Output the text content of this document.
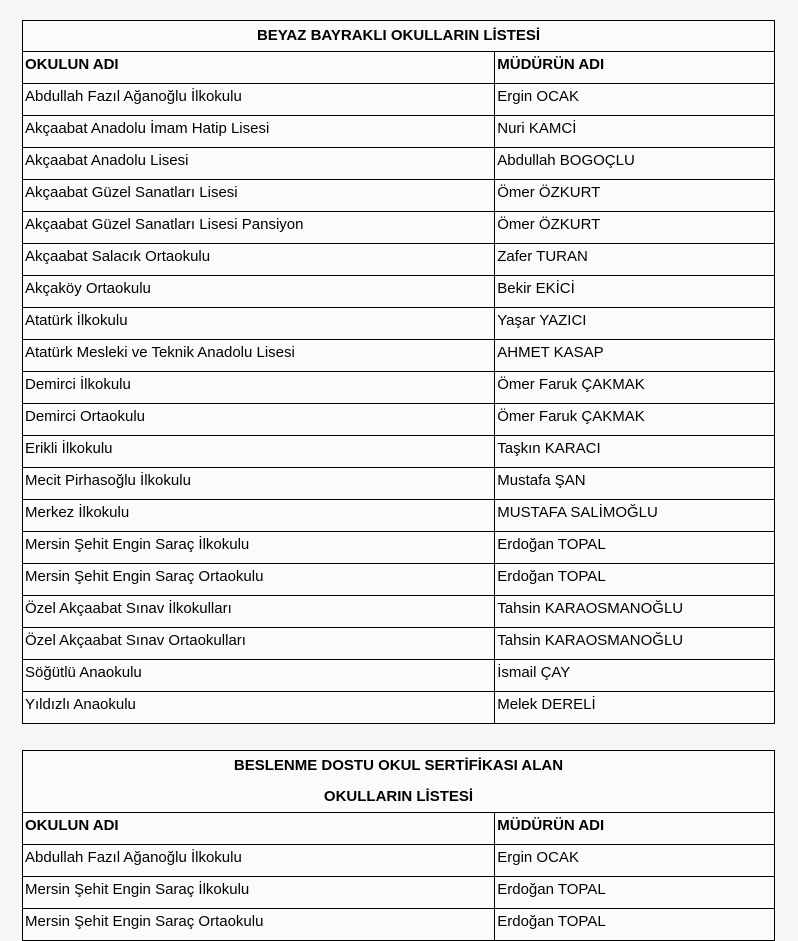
BEYAZ BAYRAKLI OKULLARIN LİSTESİ	

OKULUN ADI	MÜDÜRÜN ADI
Abdullah Fazıl Ağanoğlu İlkokulu	Ergin OCAK
Akçaabat Anadolu İmam Hatip Lisesi	Nuri KAMCİ
Akçaabat Anadolu Lisesi	Abdullah BOGOÇLU
Akçaabat Güzel Sanatları Lisesi	Ömer ÖZKURT
Akçaabat Güzel Sanatları Lisesi Pansiyon	Ömer ÖZKURT
Akçaabat Salacık Ortaokulu	Zafer TURAN
Akçaköy Ortaokulu	Bekir EKİCİ
Atatürk İlkokulu	Yaşar YAZICI
Atatürk Mesleki ve Teknik Anadolu Lisesi	AHMET KASAP
Demirci İlkokulu	Ömer Faruk ÇAKMAK
Demirci Ortaokulu	Ömer Faruk ÇAKMAK
Erikli İlkokulu	Taşkın KARACI
Mecit Pirhasoğlu İlkokulu	Mustafa ŞAN
Merkez İlkokulu	MUSTAFA SALİMOĞLU
Mersin Şehit Engin Saraç İlkokulu	Erdoğan TOPAL
Mersin Şehit Engin Saraç Ortaokulu	Erdoğan TOPAL
Özel Akçaabat Sınav İlkokulları	Tahsin KARAOSMANOĞLU
Özel Akçaabat Sınav Ortaokulları	Tahsin KARAOSMANOĞLU
Söğütlü Anaokulu	İsmail ÇAY
Yıldızlı Anaokulu	Melek DERELİ
BESLENME DOSTU OKUL SERTİFİKASI ALAN
OKULLARIN LİSTESİ	

OKULUN ADI	MÜDÜRÜN ADI
Abdullah Fazıl Ağanoğlu İlkokulu	Ergin OCAK
Mersin Şehit Engin Saraç İlkokulu	Erdoğan TOPAL
Mersin Şehit Engin Saraç Ortaokulu	Erdoğan TOPAL
